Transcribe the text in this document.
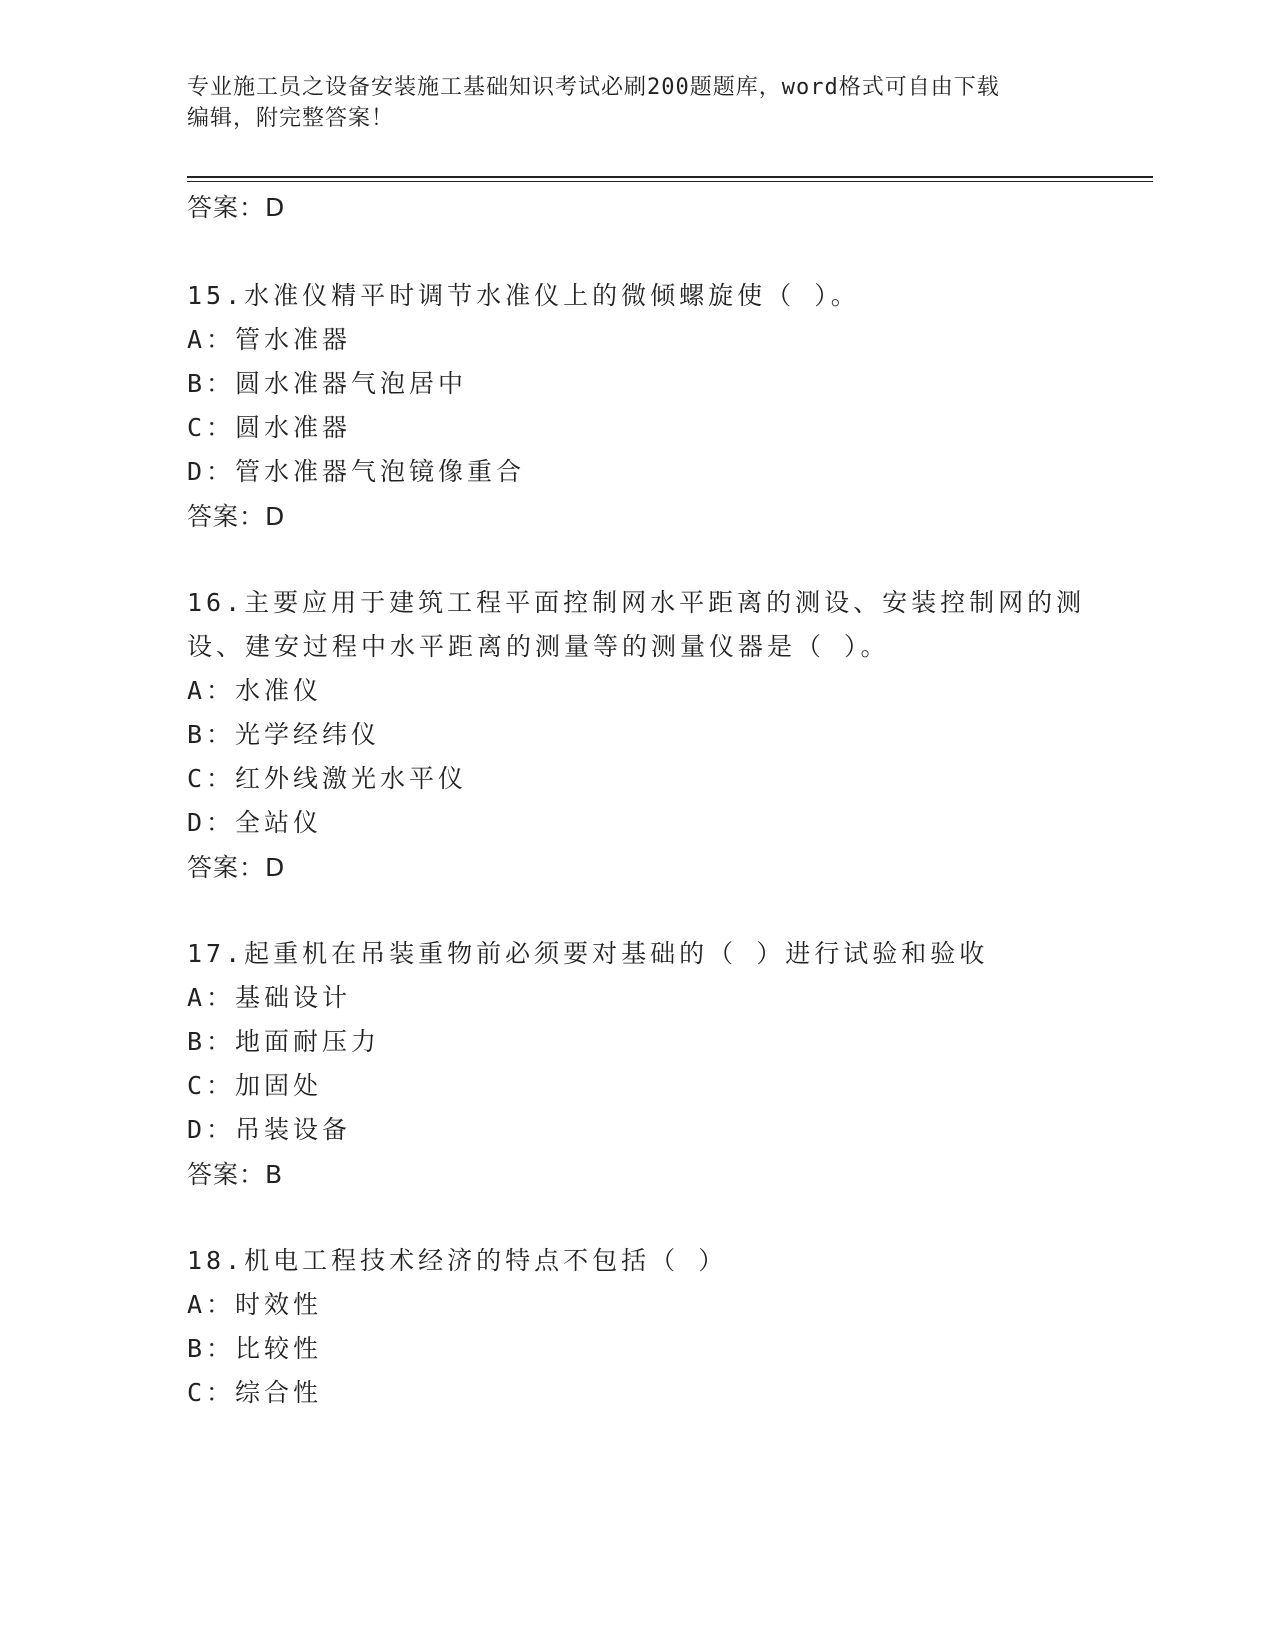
专业施工员之设备安装施工基础知识考试必刷200题题库，word格式可自由下载
编辑，附完整答案！
答案：D
15.水准仪精平时调节水准仪上的微倾螺旋使（ ）。
A：管水准器
B：圆水准器气泡居中
C：圆水准器
D：管水准器气泡镜像重合
答案：D
16.主要应用于建筑工程平面控制网水平距离的测设、安装控制网的测
设、建安过程中水平距离的测量等的测量仪器是（ ）。
A：水准仪
B：光学经纬仪
C：红外线激光水平仪
D：全站仪
答案：D
17.起重机在吊装重物前必须要对基础的（ ）进行试验和验收
A：基础设计
B：地面耐压力
C：加固处
D：吊装设备
答案：B
18.机电工程技术经济的特点不包括（ ）
A：时效性
B：比较性
C：综合性
